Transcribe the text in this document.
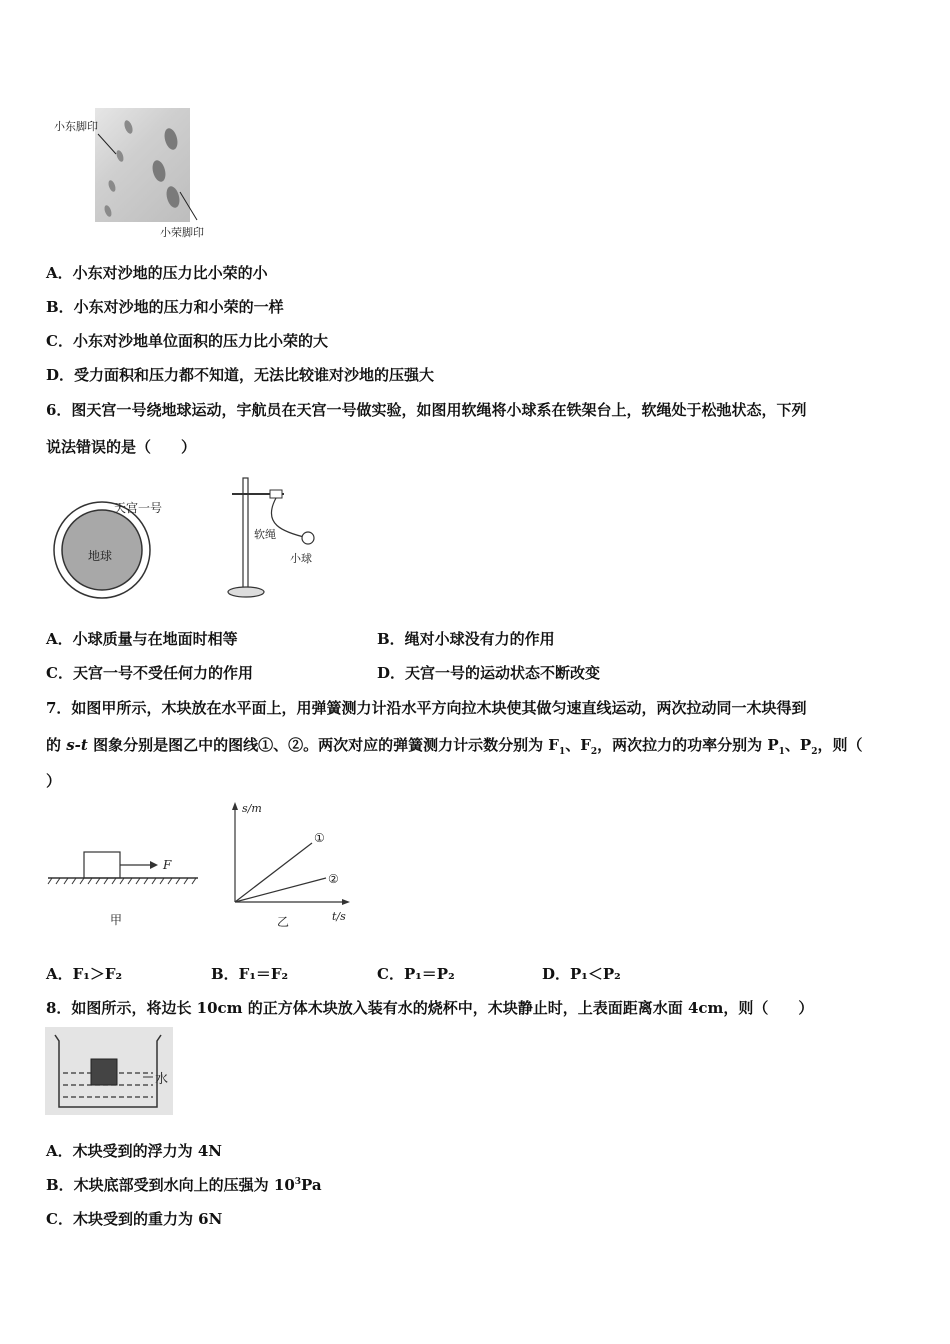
小东脚印
小荣脚印
A．小东对沙地的压力比小荣的小
B．小东对沙地的压力和小荣的一样
C．小东对沙地单位面积的压力比小荣的大
D．受力面积和压力都不知道，无法比较谁对沙地的压强大
6．图天宫一号绕地球运动，宇航员在天宫一号做实验，如图用软绳将小球系在铁架台上，软绳处于松弛状态，下列
说法错误的是（　　）
天宫一号
地球
软绳
小球
A．小球质量与在地面时相等	B．绳对小球没有力的作用
C．天宫一号不受任何力的作用	D．天宫一号的运动状态不断改变
7．如图甲所示，木块放在水平面上，用弹簧测力计沿水平方向拉木块使其做匀速直线运动，两次拉动同一木块得到
的 s-t 图象分别是图乙中的图线①、②。两次对应的弹簧测力计示数分别为 $F_1$、$F_2$，两次拉力的功率分别为 $P_1$、$P_2$，则（
）
F
甲
s/m
t/s
①
②
乙
A．F₁＞F₂	B．F₁＝F₂	C．P₁＝P₂	D．P₁＜P₂
8．如图所示，将边长 10cm 的正方体木块放入装有水的烧杯中，木块静止时，上表面距离水面 4cm，则（　　）
水
A．木块受到的浮力为 4N
B．木块底部受到水向上的压强为 $10^3Pa$
C．木块受到的重力为 6N
